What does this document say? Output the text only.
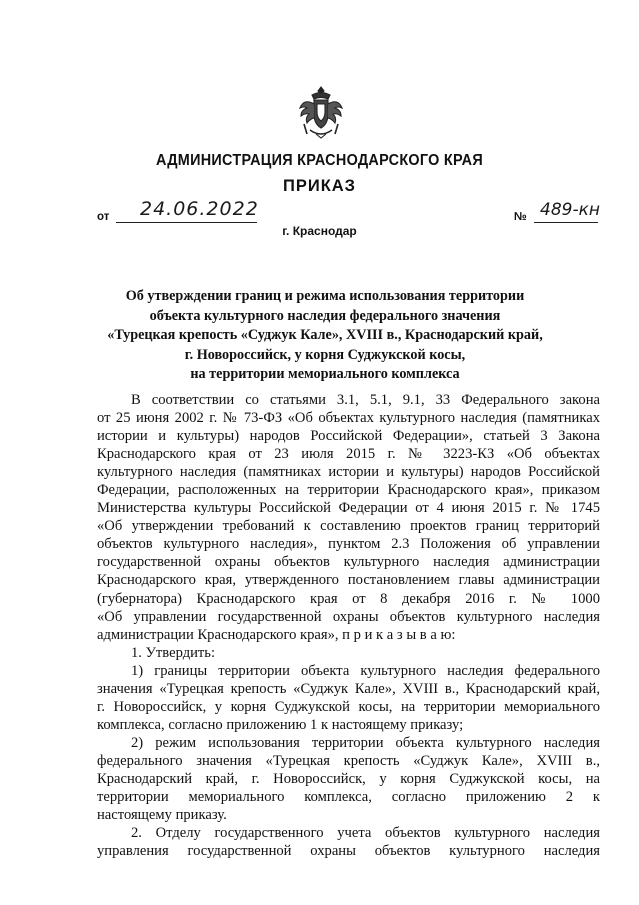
АДМИНИСТРАЦИЯ КРАСНОДАРСКОГО КРАЯ
ПРИКАЗ
от 24.06.2022
г. Краснодар
№ 489-кн
Об утверждении границ и режима использования территории
объекта культурного наследия федерального значения
«Турецкая крепость «Суджук Кале», XVIII в., Краснодарский край,
г. Новороссийск, у корня Суджукской косы,
на территории мемориального комплекса
В соответствии со статьями 3.1, 5.1, 9.1, 33 Федерального закона
от 25 июня 2002 г. № 73-ФЗ «Об объектах культурного наследия (памятниках
истории и культуры) народов Российской Федерации», статьей 3 Закона
Краснодарского края от 23 июля 2015 г. № 3223-КЗ «Об объектах
культурного наследия (памятниках истории и культуры) народов Российской
Федерации, расположенных на территории Краснодарского края», приказом
Министерства культуры Российской Федерации от 4 июня 2015 г. № 1745
«Об утверждении требований к составлению проектов границ территорий
объектов культурного наследия», пунктом 2.3 Положения об управлении
государственной охраны объектов культурного наследия администрации
Краснодарского края, утвержденного постановлением главы администрации
(губернатора) Краснодарского края от 8 декабря 2016 г. № 1000
«Об управлении государственной охраны объектов культурного наследия
администрации Краснодарского края», п р и к а з ы в а ю:
1. Утвердить:
1) границы территории объекта культурного наследия федерального
значения «Турецкая крепость «Суджук Кале», XVIII в., Краснодарский край,
г. Новороссийск, у корня Суджукской косы, на территории мемориального
комплекса, согласно приложению 1 к настоящему приказу;
2) режим использования территории объекта культурного наследия
федерального значения «Турецкая крепость «Суджук Кале», XVIII в.,
Краснодарский край, г. Новороссийск, у корня Суджукской косы, на
территории мемориального комплекса, согласно приложению 2 к
настоящему приказу.
2. Отделу государственного учета объектов культурного наследия
управления государственной охраны объектов культурного наследия
